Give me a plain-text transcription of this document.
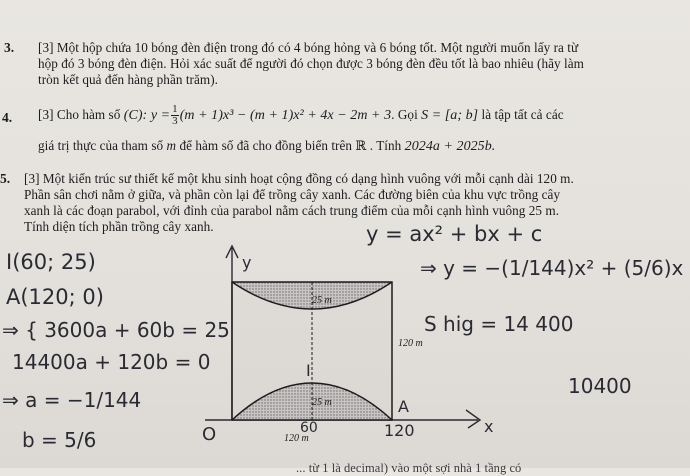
3. [3] Một hộp chứa 10 bóng đèn điện trong đó có 4 bóng hỏng và 6 bóng tốt. Một người muốn lấy ra từ
hộp đó 3 bóng đèn điện. Hỏi xác suất để người đó chọn được 3 bóng đèn đều tốt là bao nhiêu (hãy làm
tròn kết quả đến hàng phần trăm).
4. [3] Cho hàm số (C): $y = \frac{1}{3} (m + 1)x^3 - (m + 1)x^2 + 4x - 2m + 3$. Gọi S = [a; b] là tập tất cả các
giá trị thực của tham số m để hàm số đã cho đồng biến trên ℝ . Tính 2024a + 2025b.
5. [3] Một kiến trúc sư thiết kế một khu sinh hoạt cộng đồng có dạng hình vuông với mỗi cạnh dài 120 m.
Phần sân chơi nằm ở giữa, và phần còn lại để trồng cây xanh. Các đường biên của khu vực trồng cây
xanh là các đoạn parabol, với đỉnh của parabol nằm cách trung điểm của mỗi cạnh hình vuông 25 m.
Tính diện tích phần trồng cây xanh.
25 m
25 m
120 m
120 m
I
y
A
O	60	120	x
y = ax² + bx + c
I(60; 25)
A(120; 0)
⇒ { 3600a + 60b = 25
14400a + 120b = 0
⇒ a = −1/144
b = 5/6
⇒ y = −(1/144)x² + (5/6)x
S hig = 14 400
10400
... từ 1 là decimal) vào một sợi nhà 1 tầng có
